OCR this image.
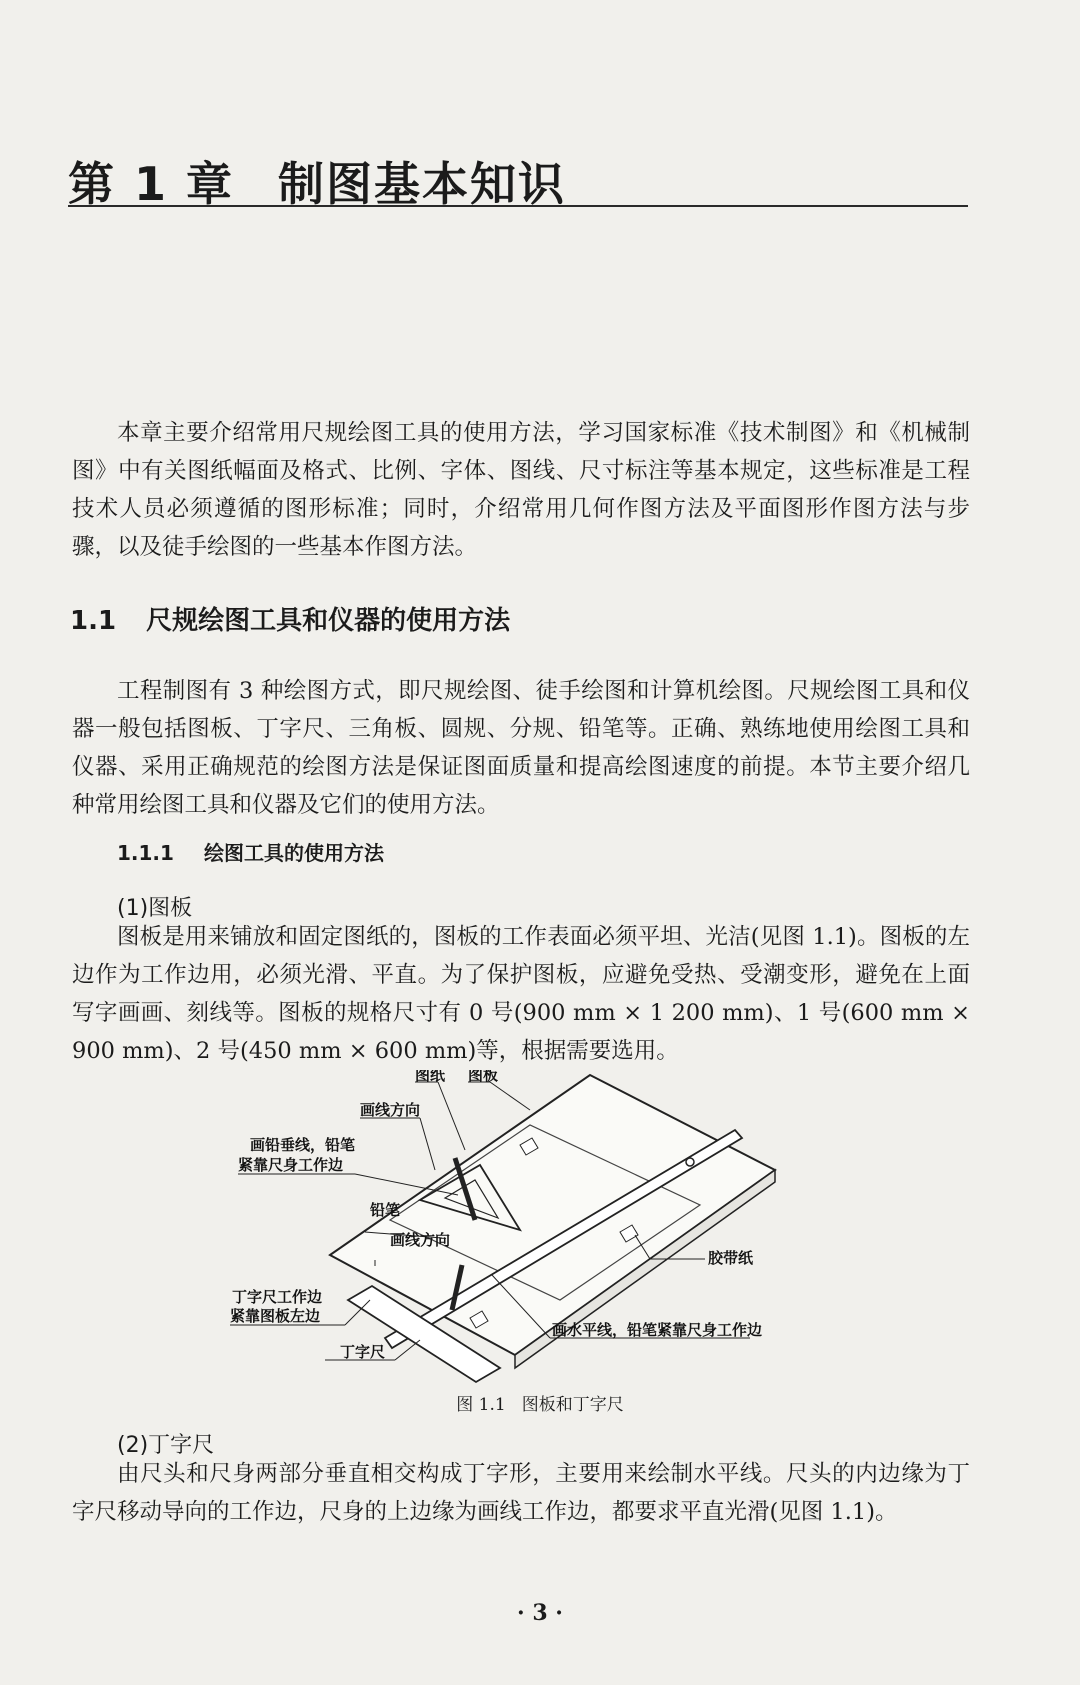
第 1 章 制图基本知识

本章主要介绍常用尺规绘图工具的使用方法，学习国家标准《技术制图》和《机械制图》中有关图纸幅面及格式、比例、字体、图线、尺寸标注等基本规定，这些标准是工程技术人员必须遵循的图形标准；同时，介绍常用几何作图方法及平面图形作图方法与步骤，以及徒手绘图的一些基本作图方法。

1.1 尺规绘图工具和仪器的使用方法

工程制图有 3 种绘图方式，即尺规绘图、徒手绘图和计算机绘图。尺规绘图工具和仪器一般包括图板、丁字尺、三角板、圆规、分规、铅笔等。正确、熟练地使用绘图工具和仪器、采用正确规范的绘图方法是保证图面质量和提高绘图速度的前提。本节主要介绍几种常用绘图工具和仪器及它们的使用方法。

1.1.1 绘图工具的使用方法

(1)图板

图板是用来铺放和固定图纸的，图板的工作表面必须平坦、光洁(见图 1.1)。图板的左边作为工作边用，必须光滑、平直。为了保护图板，应避免受热、受潮变形，避免在上面写字画画、刻线等。图板的规格尺寸有 0 号(900 mm × 1 200 mm)、1 号(600 mm × 900 mm)、2 号(450 mm × 600 mm)等，根据需要选用。

图纸 图板
画线方向
画铅垂线，铅笔
紧靠尺身工作边
铅笔
画线方向
胶带纸
丁字尺工作边
紧靠图板左边
画水平线，铅笔紧靠尺身工作边
丁字尺

图 1.1 图板和丁字尺

(2)丁字尺

由尺头和尺身两部分垂直相交构成丁字形，主要用来绘制水平线。尺头的内边缘为丁字尺移动导向的工作边，尺身的上边缘为画线工作边，都要求平直光滑(见图 1.1)。

· 3 ·
